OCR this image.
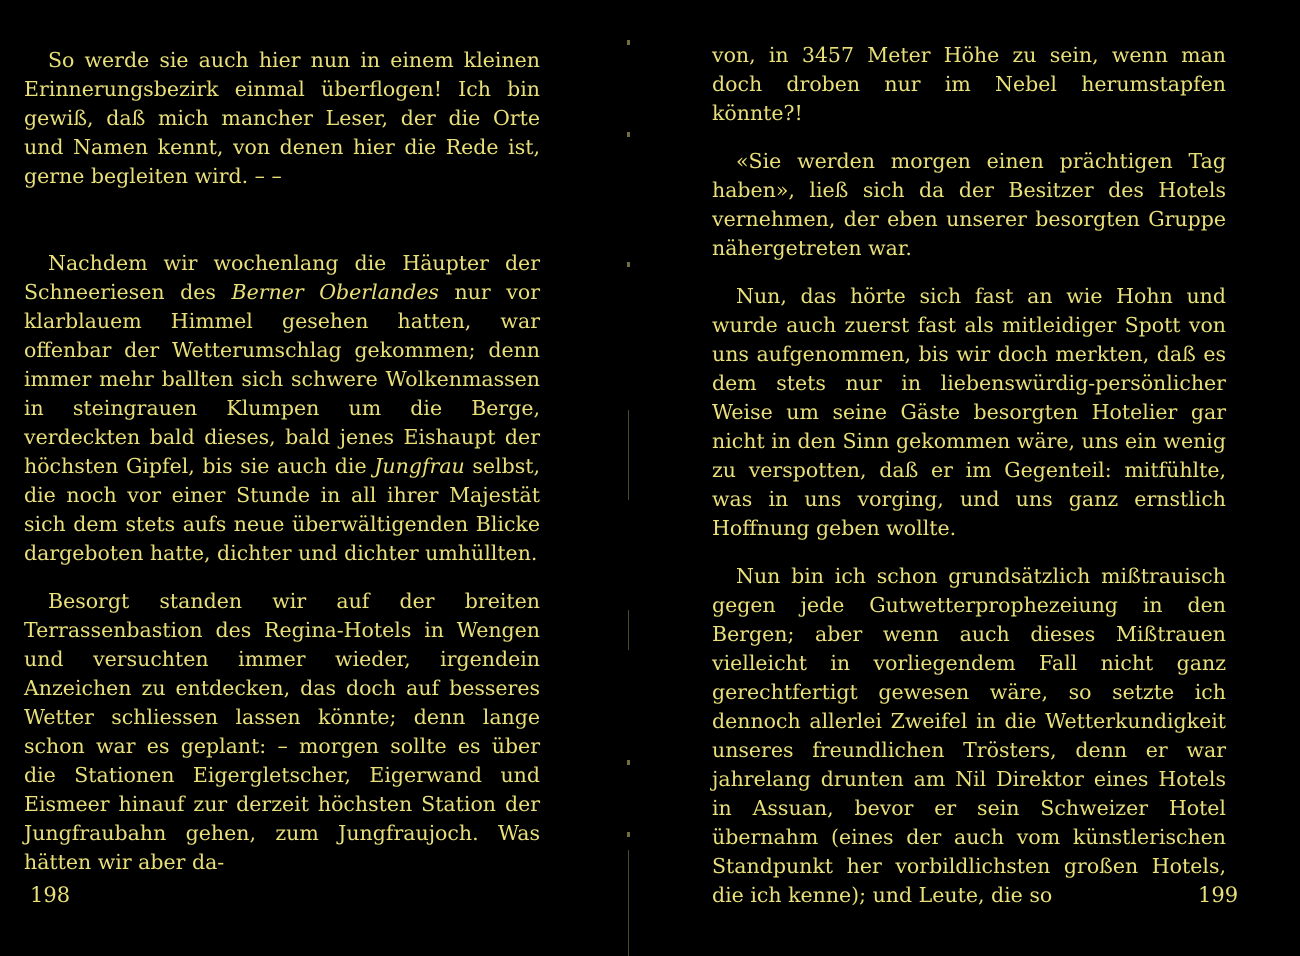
So werde sie auch hier nun in einem kleinen Erinnerungsbezirk einmal überflogen! Ich bin gewiß, daß mich mancher Leser, der die Orte und Namen kennt, von denen hier die Rede ist, gerne begleiten wird. – –

Nachdem wir wochenlang die Häupter der Schneeriesen des Berner Oberlandes nur vor klarblauem Himmel gesehen hatten, war offenbar der Wetterumschlag gekommen; denn immer mehr ballten sich schwere Wolkenmassen in steingrauen Klumpen um die Berge, verdeckten bald dieses, bald jenes Eishaupt der höchsten Gipfel, bis sie auch die Jungfrau selbst, die noch vor einer Stunde in all ihrer Majestät sich dem stets aufs neue überwältigenden Blicke dargeboten hatte, dichter und dichter umhüllten.

Besorgt standen wir auf der breiten Terrassenbastion des Regina-Hotels in Wengen und versuchten immer wieder, irgendein Anzeichen zu entdecken, das doch auf besseres Wetter schliessen lassen könnte; denn lange schon war es geplant: – morgen sollte es über die Stationen Eigergletscher, Eigerwand und Eismeer hinauf zur derzeit höchsten Station der Jungfraubahn gehen, zum Jungfraujoch. Was hätten wir aber da-

198

von, in 3457 Meter Höhe zu sein, wenn man doch droben nur im Nebel herumstapfen könnte?!

«Sie werden morgen einen prächtigen Tag haben», ließ sich da der Besitzer des Hotels vernehmen, der eben unserer besorgten Gruppe nähergetreten war.

Nun, das hörte sich fast an wie Hohn und wurde auch zuerst fast als mitleidiger Spott von uns aufgenommen, bis wir doch merkten, daß es dem stets nur in liebenswürdig-persönlicher Weise um seine Gäste besorgten Hotelier gar nicht in den Sinn gekommen wäre, uns ein wenig zu verspotten, daß er im Gegenteil: mitfühlte, was in uns vorging, und uns ganz ernstlich Hoffnung geben wollte.

Nun bin ich schon grundsätzlich mißtrauisch gegen jede Gutwetterprophezeiung in den Bergen; aber wenn auch dieses Mißtrauen vielleicht in vorliegendem Fall nicht ganz gerechtfertigt gewesen wäre, so setzte ich dennoch allerlei Zweifel in die Wetterkundigkeit unseres freundlichen Trösters, denn er war jahrelang drunten am Nil Direktor eines Hotels in Assuan, bevor er sein Schweizer Hotel übernahm (eines der auch vom künstlerischen Standpunkt her vorbildlichsten großen Hotels, die ich kenne); und Leute, die so	199
